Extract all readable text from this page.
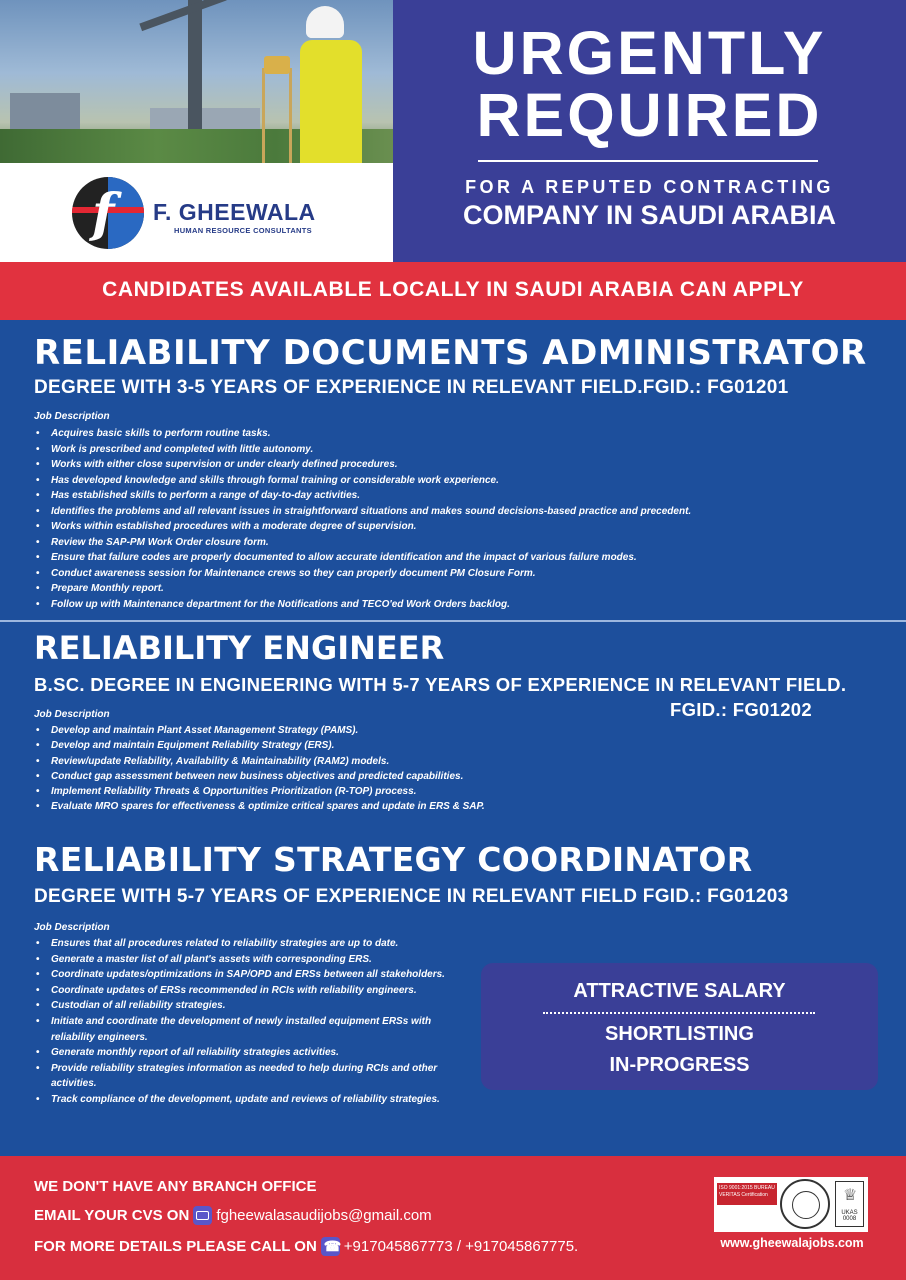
f F. GHEEWALA
HUMAN RESOURCE CONSULTANTS
URGENTLY
REQUIRED
FOR A REPUTED CONTRACTING
COMPANY IN SAUDI ARABIA
CANDIDATES AVAILABLE LOCALLY IN SAUDI ARABIA CAN APPLY
RELIABILITY DOCUMENTS ADMINISTRATOR
DEGREE WITH 3-5 YEARS OF EXPERIENCE IN RELEVANT FIELD.FGID.: FG01201
Job Description
• Acquires basic skills to perform routine tasks.
• Work is prescribed and completed with little autonomy.
• Works with either close supervision or under clearly defined procedures.
• Has developed knowledge and skills through formal training or considerable work experience.
• Has established skills to perform a range of day-to-day activities.
• Identifies the problems and all relevant issues in straightforward situations and makes sound decisions-based practice and precedent.
• Works within established procedures with a moderate degree of supervision.
• Review the SAP-PM Work Order closure form.
• Ensure that failure codes are properly documented to allow accurate identification and the impact of various failure modes.
• Conduct awareness session for Maintenance crews so they can properly document PM Closure Form.
• Prepare Monthly report.
• Follow up with Maintenance department for the Notifications and TECO'ed Work Orders backlog.
RELIABILITY ENGINEER
B.SC. DEGREE IN ENGINEERING WITH 5-7 YEARS OF EXPERIENCE IN RELEVANT FIELD.
FGID.: FG01202
Job Description
• Develop and maintain Plant Asset Management Strategy (PAMS).
• Develop and maintain Equipment Reliability Strategy (ERS).
• Review/update Reliability, Availability & Maintainability (RAM2) models.
• Conduct gap assessment between new business objectives and predicted capabilities.
• Implement Reliability Threats & Opportunities Prioritization (R-TOP) process.
• Evaluate MRO spares for effectiveness & optimize critical spares and update in ERS & SAP.
RELIABILITY STRATEGY COORDINATOR
DEGREE WITH 5-7 YEARS OF EXPERIENCE IN RELEVANT FIELD FGID.: FG01203
Job Description
• Ensures that all procedures related to reliability strategies are up to date.
• Generate a master list of all plant's assets with corresponding ERS.
• Coordinate updates/optimizations in SAP/OPD and ERSs between all stakeholders.
• Coordinate updates of ERSs recommended in RCIs with reliability engineers.
• Custodian of all reliability strategies.
• Initiate and coordinate the development of newly installed equipment ERSs with reliability engineers.
• Generate monthly report of all reliability strategies activities.
• Provide reliability strategies information as needed to help during RCIs and other activities.
• Track compliance of the development, update and reviews of reliability strategies.
ATTRACTIVE SALARY
SHORTLISTING
IN-PROGRESS
WE DON'T HAVE ANY BRANCH OFFICE
EMAIL YOUR CVS ON fgheewalasaudijobs@gmail.com
FOR MORE DETAILS PLEASE CALL ON
☎ +917045867773 / +917045867775.
ISO 9001:2015 BUREAU VERITAS Certification
♕ UKAS 0008
www.gheewalajobs.com
